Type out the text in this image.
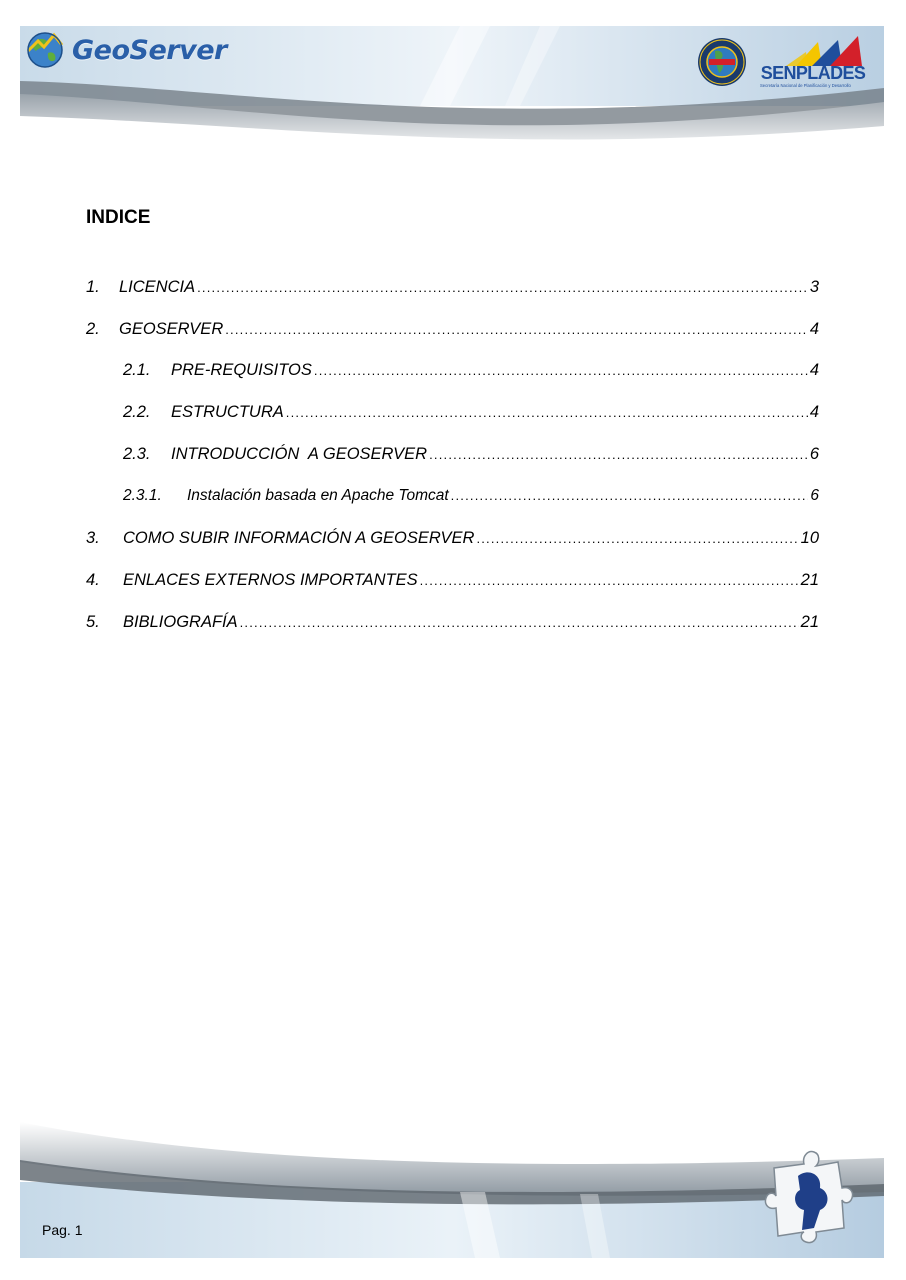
GeoServer
SENPLADES
Secretaría Nacional de Planificación y Desarrollo
INDICE
1.	LICENCIA .....	3
2.	GEOSERVER .....	4
2.1.	PRE-REQUISITOS .....	4
2.2.	ESTRUCTURA .....	4
2.3.	INTRODUCCIÓN  A GEOSERVER .....	6
2.3.1.	Instalación basada en Apache Tomcat .....	6
3.	COMO SUBIR INFORMACIÓN A GEOSERVER .....	10
4.	ENLACES EXTERNOS IMPORTANTES .....	21
5.	BIBLIOGRAFÍA .....	21
Pag. 1
